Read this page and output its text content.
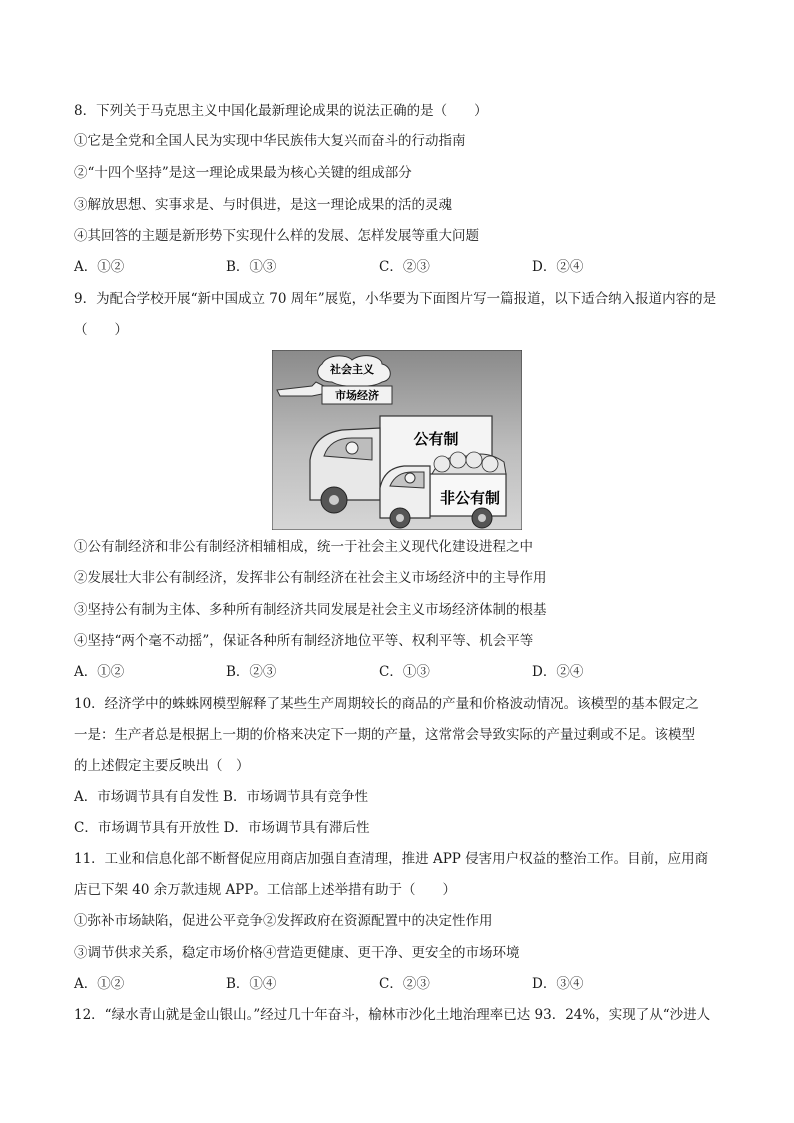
8．下列关于马克思主义中国化最新理论成果的说法正确的是（　　）
①它是全党和全国人民为实现中华民族伟大复兴而奋斗的行动指南
②“十四个坚持”是这一理论成果最为核心关键的组成部分
③解放思想、实事求是、与时俱进，是这一理论成果的活的灵魂
④其回答的主题是新形势下实现什么样的发展、怎样发展等重大问题
A．①②	B．①③	C．②③	D．②④
9．为配合学校开展“新中国成立 70 周年”展览，小华要为下面图片写一篇报道，以下适合纳入报道内容的是
（　　）
社会主义
市场经济
公有制
非公有制
①公有制经济和非公有制经济相辅相成，统一于社会主义现代化建设进程之中
②发展壮大非公有制经济，发挥非公有制经济在社会主义市场经济中的主导作用
③坚持公有制为主体、多种所有制经济共同发展是社会主义市场经济体制的根基
④坚持“两个毫不动摇”，保证各种所有制经济地位平等、权利平等、机会平等
A．①②	B．②③	C．①③	D．②④
10．经济学中的蛛蛛网模型解释了某些生产周期较长的商品的产量和价格波动情况。该模型的基本假定之
一是：生产者总是根据上一期的价格来决定下一期的产量，这常常会导致实际的产量过剩或不足。该模型
的上述假定主要反映出（　）
A．市场调节具有自发性 B．市场调节具有竞争性
C．市场调节具有开放性 D．市场调节具有滞后性
11．工业和信息化部不断督促应用商店加强自查清理，推进 APP 侵害用户权益的整治工作。目前，应用商
店已下架 40 余万款违规 APP。工信部上述举措有助于（　　）
①弥补市场缺陷，促进公平竞争②发挥政府在资源配置中的决定性作用
③调节供求关系，稳定市场价格④营造更健康、更干净、更安全的市场环境
A．①②	B．①④	C．②③	D．③④
12．“绿水青山就是金山银山。”经过几十年奋斗，榆林市沙化土地治理率已达 93．24%，实现了从“沙进人
